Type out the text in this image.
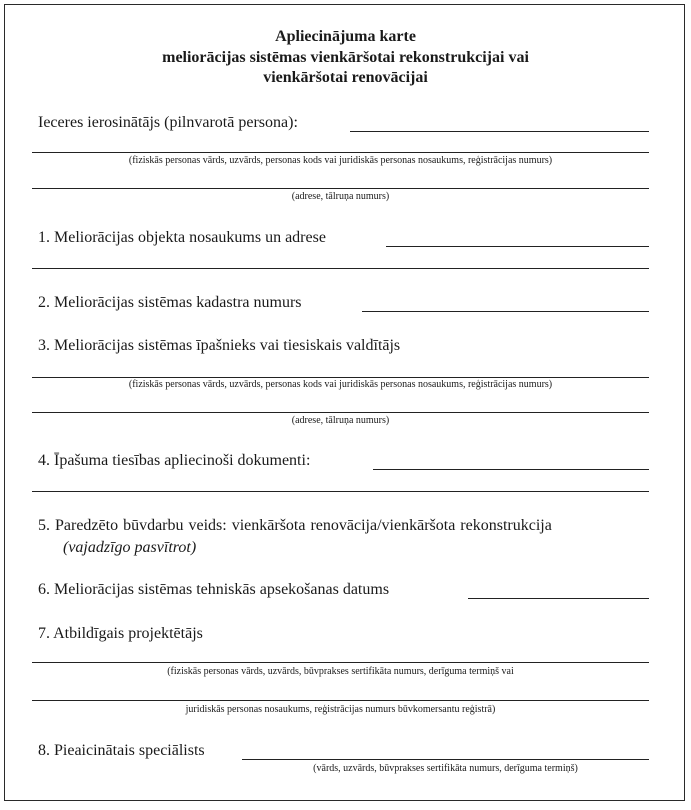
Apliecinājuma karte
meliorācijas sistēmas vienkāršotai rekonstrukcijai vai
vienkāršotai renovācijai
Ieceres ierosinātājs (pilnvarotā persona):
(fiziskās personas vārds, uzvārds, personas kods vai juridiskās personas nosaukums, reģistrācijas numurs)
(adrese, tālruņa numurs)
1. Meliorācijas objekta nosaukums un adrese
2. Meliorācijas sistēmas kadastra numurs
3. Meliorācijas sistēmas īpašnieks vai tiesiskais valdītājs
(fiziskās personas vārds, uzvārds, personas kods vai juridiskās personas nosaukums, reģistrācijas numurs)
(adrese, tālruņa numurs)
4. Īpašuma tiesības apliecinoši dokumenti:
5. Paredzēto būvdarbu veids: vienkāršota renovācija/vienkāršota rekonstrukcija
(vajadzīgo pasvītrot)
6. Meliorācijas sistēmas tehniskās apsekošanas datums
7. Atbildīgais projektētājs
(fiziskās personas vārds, uzvārds, būvprakses sertifikāta numurs, derīguma termiņš vai
juridiskās personas nosaukums, reģistrācijas numurs būvkomersantu reģistrā)
8. Pieaicinātais speciālists
(vārds, uzvārds, būvprakses sertifikāta numurs, derīguma termiņš)
